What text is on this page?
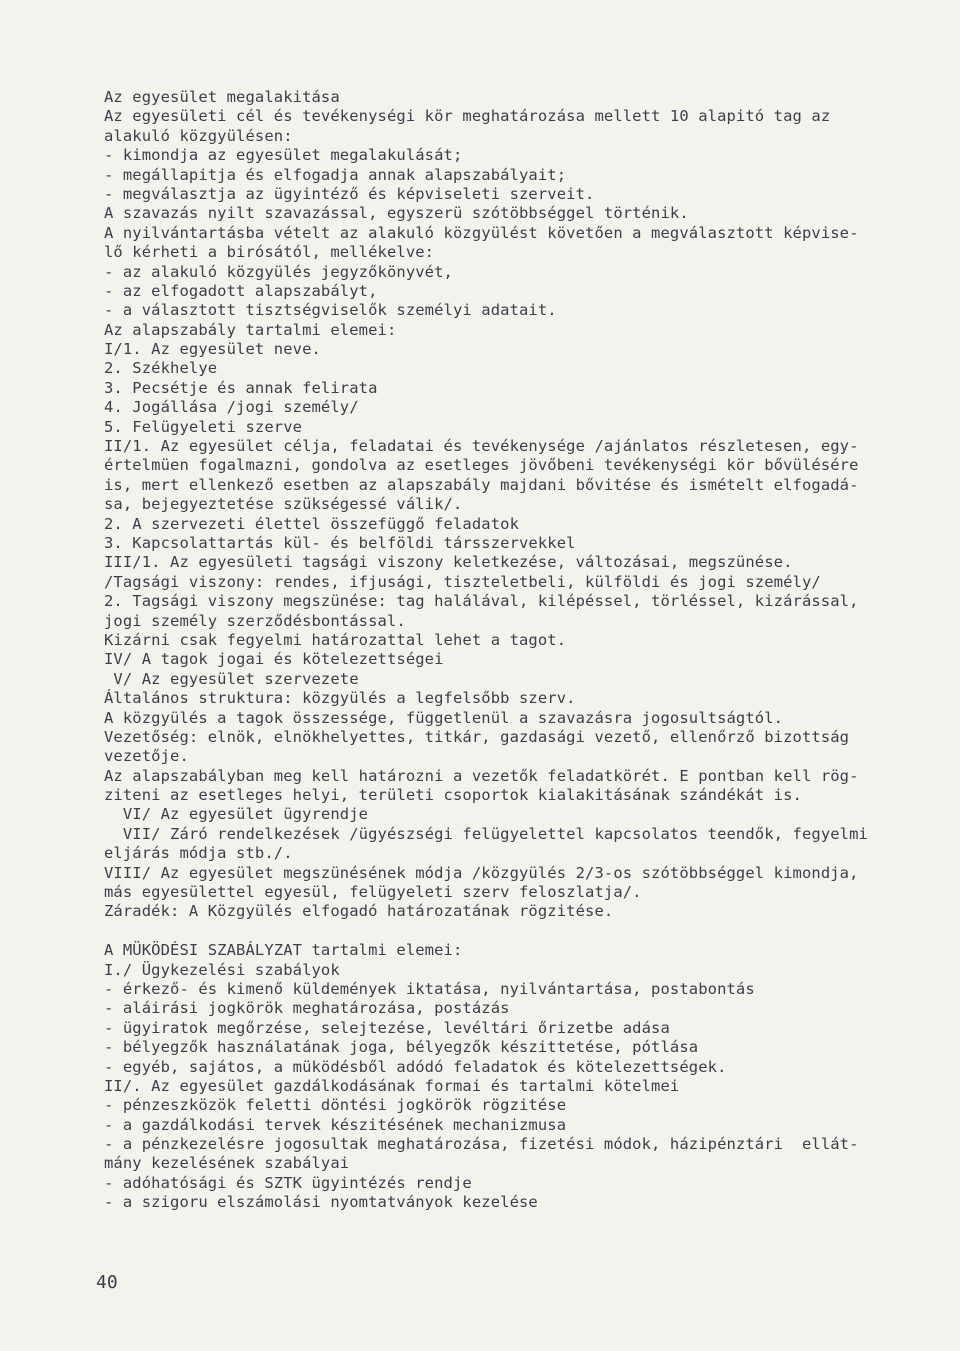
Az egyesület megalakitása
Az egyesületi cél és tevékenységi kör meghatározása mellett 10 alapitó tag az
alakuló közgyülésen:
- kimondja az egyesület megalakulását;
- megállapitja és elfogadja annak alapszabályait;
- megválasztja az ügyintéző és képviseleti szerveit.
A szavazás nyilt szavazással, egyszerü szótöbbséggel történik.
A nyilvántartásba vételt az alakuló közgyülést követően a megválasztott képvise-
lő kérheti a birósától, mellékelve:
- az alakuló közgyülés jegyzőkönyvét,
- az elfogadott alapszabályt,
- a választott tisztségviselők személyi adatait.
Az alapszabály tartalmi elemei:
I/1. Az egyesület neve.
2. Székhelye
3. Pecsétje és annak felirata
4. Jogállása /jogi személy/
5. Felügyeleti szerve
II/1. Az egyesület célja, feladatai és tevékenysége /ajánlatos részletesen, egy-
értelmüen fogalmazni, gondolva az esetleges jövőbeni tevékenységi kör bővülésére
is, mert ellenkező esetben az alapszabály majdani bővitése és ismételt elfogadá-
sa, bejegyeztetése szükségessé válik/.
2. A szervezeti élettel összefüggő feladatok
3. Kapcsolattartás kül- és belföldi társszervekkel
III/1. Az egyesületi tagsági viszony keletkezése, változásai, megszünése.
/Tagsági viszony: rendes, ifjusági, tiszteletbeli, külföldi és jogi személy/
2. Tagsági viszony megszünése: tag halálával, kilépéssel, törléssel, kizárással,
jogi személy szerződésbontással.
Kizárni csak fegyelmi határozattal lehet a tagot.
IV/ A tagok jogai és kötelezettségei
V/ Az egyesület szervezete
Általános struktura: közgyülés a legfelsőbb szerv.
A közgyülés a tagok összessége, függetlenül a szavazásra jogosultságtól.
Vezetőség: elnök, elnökhelyettes, titkár, gazdasági vezető, ellenőrző bizottság
vezetője.
Az alapszabályban meg kell határozni a vezetők feladatkörét. E pontban kell rög-
ziteni az esetleges helyi, területi csoportok kialakitásának szándékát is.
VI/ Az egyesület ügyrendje
VII/ Záró rendelkezések /ügyészségi felügyelettel kapcsolatos teendők, fegyelmi
eljárás módja stb./.
VIII/ Az egyesület megszünésének módja /közgyülés 2/3-os szótöbbséggel kimondja,
más egyesülettel egyesül, felügyeleti szerv feloszlatja/.
Záradék: A Közgyülés elfogadó határozatának rögzitése.
A MÜKÖDÉSI SZABÁLYZAT tartalmi elemei:
I./ Ügykezelési szabályok
- érkező- és kimenő küldemények iktatása, nyilvántartása, postabontás
- aláirási jogkörök meghatározása, postázás
- ügyiratok megőrzése, selejtezése, levéltári őrizetbe adása
- bélyegzők használatának joga, bélyegzők készittetése, pótlása
- egyéb, sajátos, a müködésből adódó feladatok és kötelezettségek.
II/. Az egyesület gazdálkodásának formai és tartalmi kötelmei
- pénzeszközök feletti döntési jogkörök rögzitése
- a gazdálkodási tervek készitésének mechanizmusa
- a pénzkezelésre jogosultak meghatározása, fizetési módok, házipénztári  ellát-
mány kezelésének szabályai
- adóhatósági és SZTK ügyintézés rendje
- a szigoru elszámolási nyomtatványok kezelése
40
